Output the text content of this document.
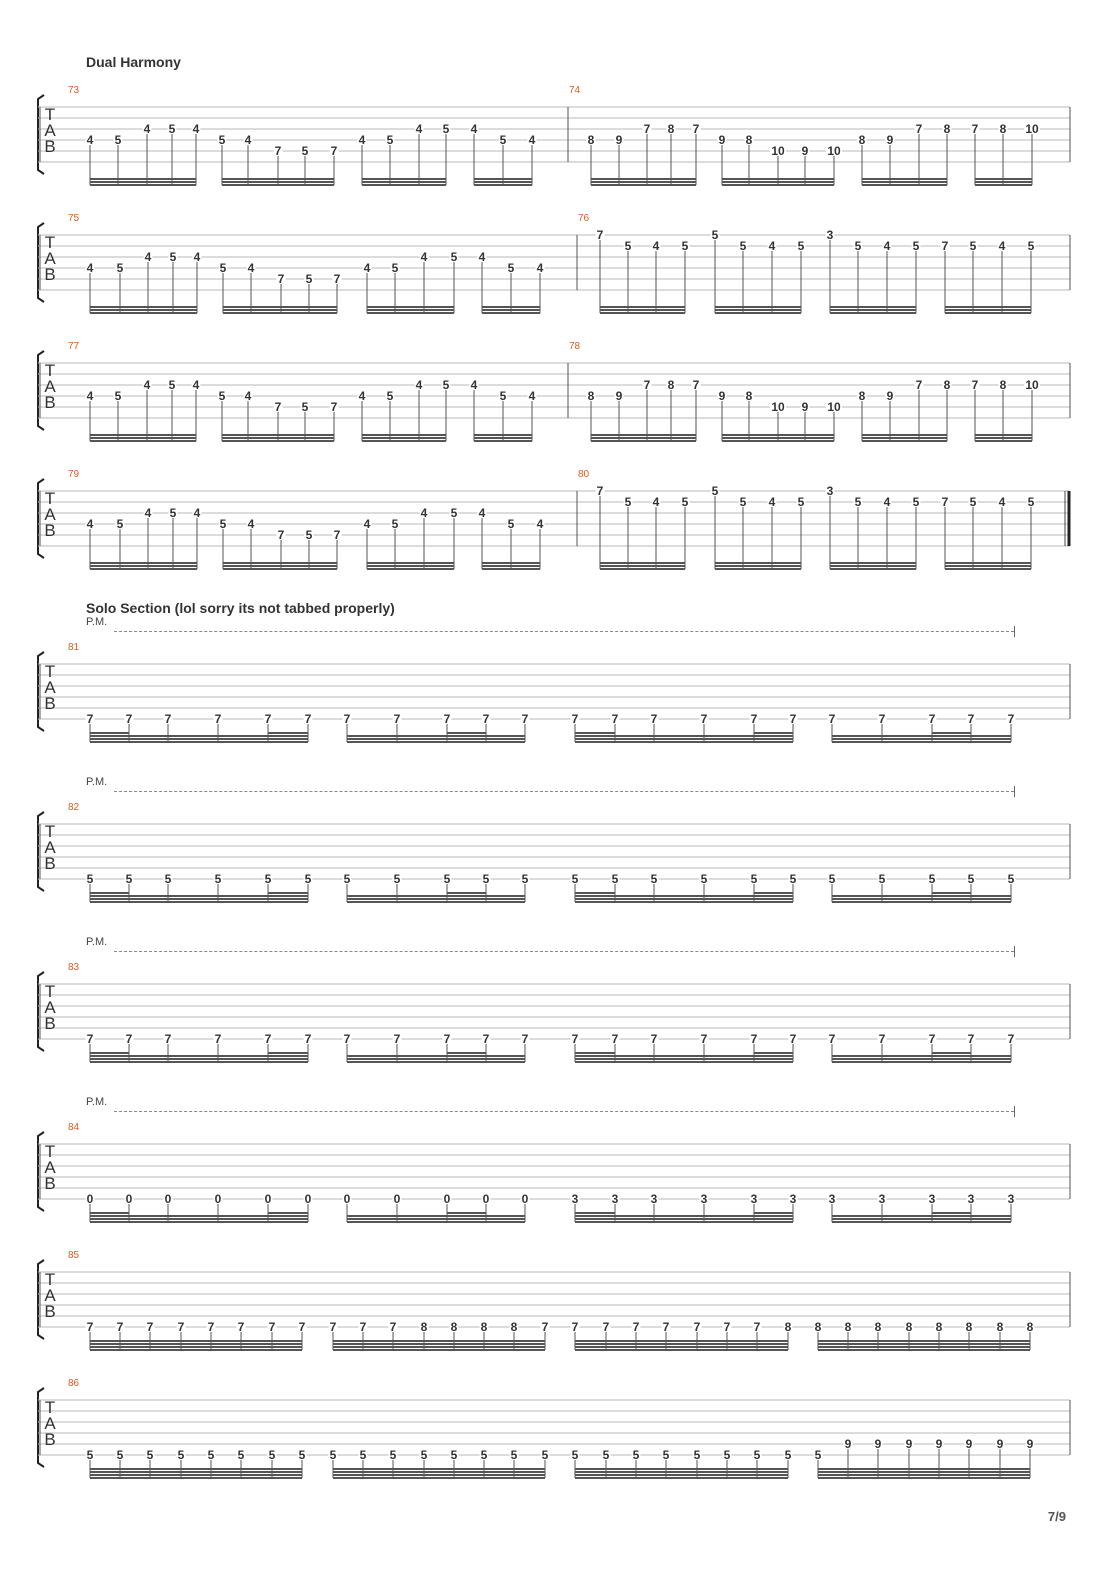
Dual Harmony
Solo Section (lol sorry its not tabbed properly)
P.M.
P.M.
P.M.
P.M.
T
A
B
73
4 5
4 5 4
5 4
7 5 7
4 5
4 5 4
5 4
74
8 9
7 8 7
9 8
10 9 10
8 9
7 8 7 8 10
T
A
B
75
4 5
4 5 4
5 4
7 5 7
4 5
4 5 4
5 4
76
7
5 4 5
5
5 4 5
3
5 4 5 7 5 4 5
T
A
B
77
4 5
4 5 4
5 4
7 5 7
4 5
4 5 4
5 4
78
8 9
7 8 7
9 8
10 9 10
8 9
7 8 7 8 10
T
A
B
79
4 5
4 5 4
5 4
7 5 7
4 5
4 5 4
5 4
80
7
5 4 5
5
5 4 5
3
5 4 5 7 5 4 5
T
A
B
81
7	7	7	7	7	7	7	7	7	7	7	7	7	7	7	7	7	7	7	7	7	7
T
A
B
82
5	5	5	5	5	5	5	5	5	5	5	5	5	5	5	5	5	5	5	5	5	5
T
A
B
83
7	7	7	7	7	7	7	7	7	7	7	7	7	7	7	7	7	7	7	7	7	7
T
A
B
84
0	0	0	0	0	0	0	0	0	0	0	3	3	3	3	3	3	3	3	3	3	3
T
A
B
85
7 7 7 7 7 7 7 7 7 7 7 8 8 8 8 7 7 7 7 7 7 7 7 8 8 8 8 8 8 8 8 8
T
A
B
86
5 5 5 5 5 5 5 5 5 5 5 5 5 5 5 5 5 5 5 5 5 5 5 5 5
9 9 9 9 9 9 9
7/9
